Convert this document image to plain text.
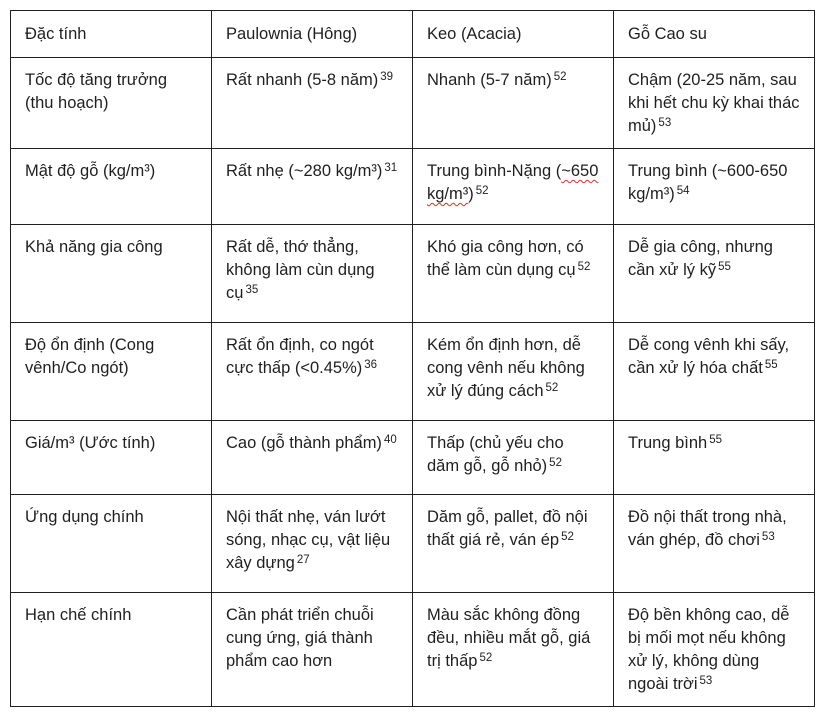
Đặc tính	Paulownia (Hông)	Keo (Acacia)	Gỗ Cao su
Tốc độ tăng trưởng (thu hoạch)	Rất nhanh (5-8 năm) $^{39}$	Nhanh (5-7 năm) $^{52}$	Chậm (20-25 năm, sau khi hết chu kỳ khai thác mủ) $^{53}$
Mật độ gỗ (kg/m³)	Rất nhẹ (~280 kg/m³) $^{31}$	Trung bình-Nặng (~650 kg/m³) $^{52}$	Trung bình (~600-650 kg/m³) $^{54}$
Khả năng gia công	Rất dễ, thớ thẳng, không làm cùn dụng cụ $^{35}$	Khó gia công hơn, có thể làm cùn dụng cụ $^{52}$	Dễ gia công, nhưng cần xử lý kỹ $^{55}$
Độ ổn định (Cong vênh/Co ngót)	Rất ổn định, co ngót cực thấp (<0.45%) $^{36}$	Kém ổn định hơn, dễ cong vênh nếu không xử lý đúng cách $^{52}$	Dễ cong vênh khi sấy, cần xử lý hóa chất $^{55}$
Giá/m³ (Ước tính)	Cao (gỗ thành phẩm) $^{40}$	Thấp (chủ yếu cho dăm gỗ, gỗ nhỏ) $^{52}$	Trung bình $^{55}$
Ứng dụng chính	Nội thất nhẹ, ván lướt sóng, nhạc cụ, vật liệu xây dựng $^{27}$	Dăm gỗ, pallet, đồ nội thất giá rẻ, ván ép $^{52}$	Đồ nội thất trong nhà, ván ghép, đồ chơi $^{53}$
Hạn chế chính	Cần phát triển chuỗi cung ứng, giá thành phẩm cao hơn	Màu sắc không đồng đều, nhiều mắt gỗ, giá trị thấp $^{52}$	Độ bền không cao, dễ bị mối mọt nếu không xử lý, không dùng ngoài trời $^{53}$
